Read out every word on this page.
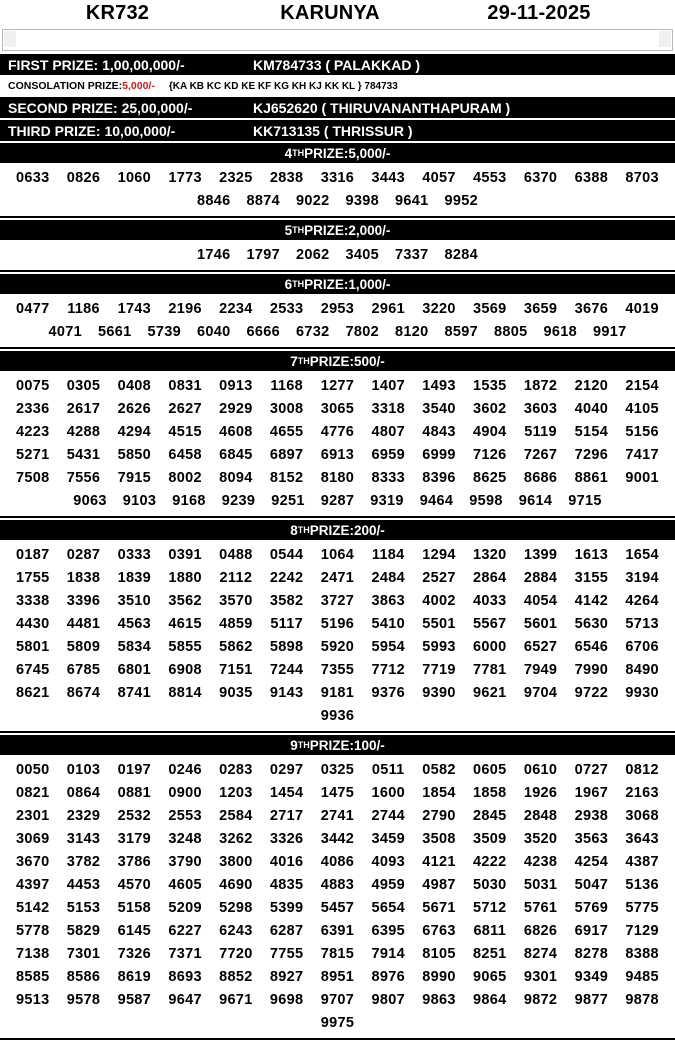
KR732	KARUNYA	29-11-2025
FIRST PRIZE: 1,00,00,000/-	KM784733 ( PALAKKAD )
CONSOLATION PRIZE: 5,000/- {KA KB KC KD KE KF KG KH KJ KK KL } 784733
SECOND PRIZE: 25,00,000/-	KJ652620 ( THIRUVANANTHAPURAM )
THIRD PRIZE: 10,00,000/-	KK713135 ( THRISSUR )
4 TH PRIZE: 5,000/-
0633	0826	1060	1773	2325	2838	3316	3443	4057	4553	6370	6388	8703
8846	8874	9022	9398	9641	9952
5 TH PRIZE: 2,000/-
1746	1797	2062	3405	7337	8284
6 TH PRIZE: 1,000/-
0477	1186	1743	2196	2234	2533	2953	2961	3220	3569	3659	3676	4019
4071	5661	5739	6040	6666	6732	7802	8120	8597	8805	9618	9917
7 TH PRIZE: 500/-
0075	0305	0408	0831	0913	1168	1277	1407	1493	1535	1872	2120	2154
2336	2617	2626	2627	2929	3008	3065	3318	3540	3602	3603	4040	4105
4223	4288	4294	4515	4608	4655	4776	4807	4843	4904	5119	5154	5156
5271	5431	5850	6458	6845	6897	6913	6959	6999	7126	7267	7296	7417
7508	7556	7915	8002	8094	8152	8180	8333	8396	8625	8686	8861	9001
9063	9103	9168	9239	9251	9287	9319	9464	9598	9614	9715
8 TH PRIZE: 200/-
0187	0287	0333	0391	0488	0544	1064	1184	1294	1320	1399	1613	1654
1755	1838	1839	1880	2112	2242	2471	2484	2527	2864	2884	3155	3194
3338	3396	3510	3562	3570	3582	3727	3863	4002	4033	4054	4142	4264
4430	4481	4563	4615	4859	5117	5196	5410	5501	5567	5601	5630	5713
5801	5809	5834	5855	5862	5898	5920	5954	5993	6000	6527	6546	6706
6745	6785	6801	6908	7151	7244	7355	7712	7719	7781	7949	7990	8490
8621	8674	8741	8814	9035	9143	9181	9376	9390	9621	9704	9722	9930
9936
9 TH PRIZE: 100/-
0050	0103	0197	0246	0283	0297	0325	0511	0582	0605	0610	0727	0812
0821	0864	0881	0900	1203	1454	1475	1600	1854	1858	1926	1967	2163
2301	2329	2532	2553	2584	2717	2741	2744	2790	2845	2848	2938	3068
3069	3143	3179	3248	3262	3326	3442	3459	3508	3509	3520	3563	3643
3670	3782	3786	3790	3800	4016	4086	4093	4121	4222	4238	4254	4387
4397	4453	4570	4605	4690	4835	4883	4959	4987	5030	5031	5047	5136
5142	5153	5158	5209	5298	5399	5457	5654	5671	5712	5761	5769	5775
5778	5829	6145	6227	6243	6287	6391	6395	6763	6811	6826	6917	7129
7138	7301	7326	7371	7720	7755	7815	7914	8105	8251	8274	8278	8388
8585	8586	8619	8693	8852	8927	8951	8976	8990	9065	9301	9349	9485
9513	9578	9587	9647	9671	9698	9707	9807	9863	9864	9872	9877	9878
9975
